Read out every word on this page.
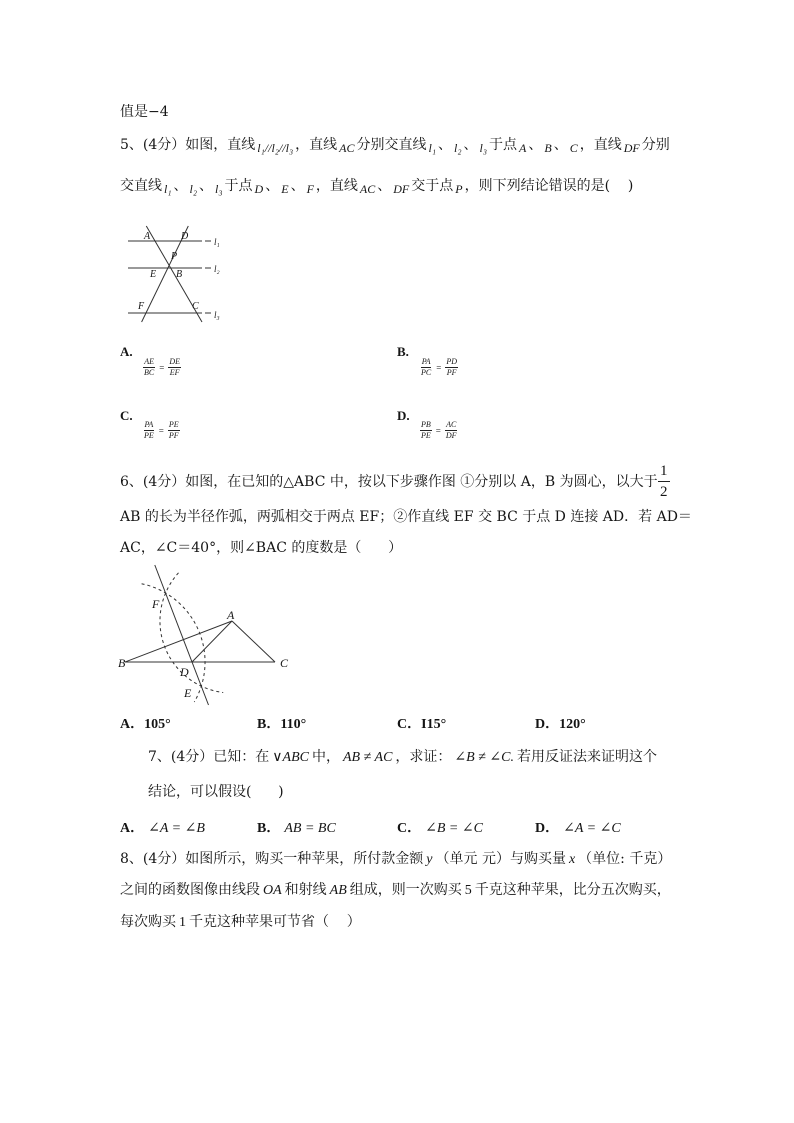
值是−4
5、(4分）如图，直线 l₁//l₂//l₃ ，直线 AC 分别交直线 l₁ 、 l₂ 、 l₃ 于点 A 、 B 、 C ，直线 DF 分别
交直线 l₁ 、 l₂ 、 l₃ 于点 D 、 E 、 F ，直线 AC 、 DF 交于点 P ，则下列结论错误的是(    )
A	D
P
E B
F	C
l₁
l₂
l₃
A.
$\frac{AE}{BC} = \frac{DE}{EF}$
B.
$\frac{PA}{PC} = \frac{PD}{PF}$
C.
$\frac{PA}{PE} = \frac{PE}{PF}$
D.
$\frac{PB}{PE} = \frac{AC}{DF}$
6、(4分）如图，在已知的△ABC 中，按以下步骤作图 ①分别以 A，B 为圆心，以大于 $\frac{1}{2}$
AB 的长为半径作弧，两弧相交于两点 EF；②作直线 EF 交 BC 于点 D 连接 AD．若 AD＝
AC，∠C＝40°，则∠BAC 的度数是（      ）
F
A
B
D
C
E
A． 105°	B． 110°	C． I15°	D． 120°
7、(4分）已知：在 ∨ABC 中， AB ≠ AC ，求证： ∠B ≠ ∠C. 若用反证法来证明这个
结论，可以假设(      )
A． ∠A = ∠B	B． AB = BC	C． ∠B = ∠C	D． ∠A = ∠C
8、(4分）如图所示，购买一种苹果，所付款金额 y （单元 元）与购买量 x （单位: 千克）
之间的函数图像由线段 OA 和射线 AB 组成，则一次购买 5 千克这种苹果，比分五次购买，
每次购买 1 千克这种苹果可节省（    ）
